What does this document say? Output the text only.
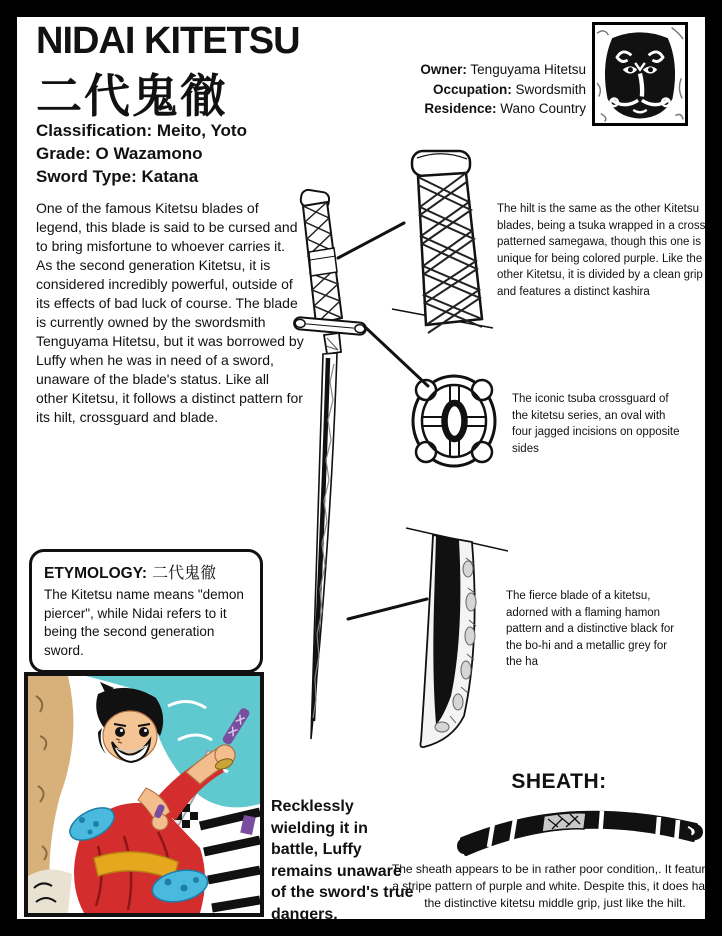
NIDAI KITETSU
二代鬼徹
Classification: Meito, Yoto
Grade: O Wazamono
Sword Type: Katana
Owner: Tenguyama Hitetsu
Occupation: Swordsmith
Residence: Wano Country
One of the famous Kitetsu blades of legend, this blade is said to be cursed and to bring misfortune to whoever carries it. As the second generation Kitetsu, it is considered incredibly powerful, outside of its effects of bad luck of course. The blade is currently owned by the swordsmith Tenguyama Hitetsu, but it was borrowed by Luffy when he was in need of a sword, unaware of the blade's status. Like all other Kitetsu, it follows a distinct pattern for its hilt, crossguard and blade.
The hilt is the same as the other Kitetsu blades, being a tsuka wrapped in a cross-patterned samegawa, though this one is unique for being colored purple. Like the other Kitetsu, it is divided by a clean grip and features a distinct kashira
The iconic tsuba crossguard of the kitetsu series, an oval with four jagged incisions on opposite sides
The fierce blade of a kitetsu, adorned with a flaming hamon pattern and a distinctive black for the bo-hi and a metallic grey for the ha
ETYMOLOGY: 二代鬼徹
The Kitetsu name means "demon piercer", while Nidai refers to it being the second generation sword.
Recklessly wielding it in battle, Luffy remains unaware of the sword's true dangers.
SHEATH:
The sheath appears to be in rather poor condition,. It features a stripe pattern of purple and white. Despite this, it does have the distinctive kitetsu middle grip, just like the hilt.
